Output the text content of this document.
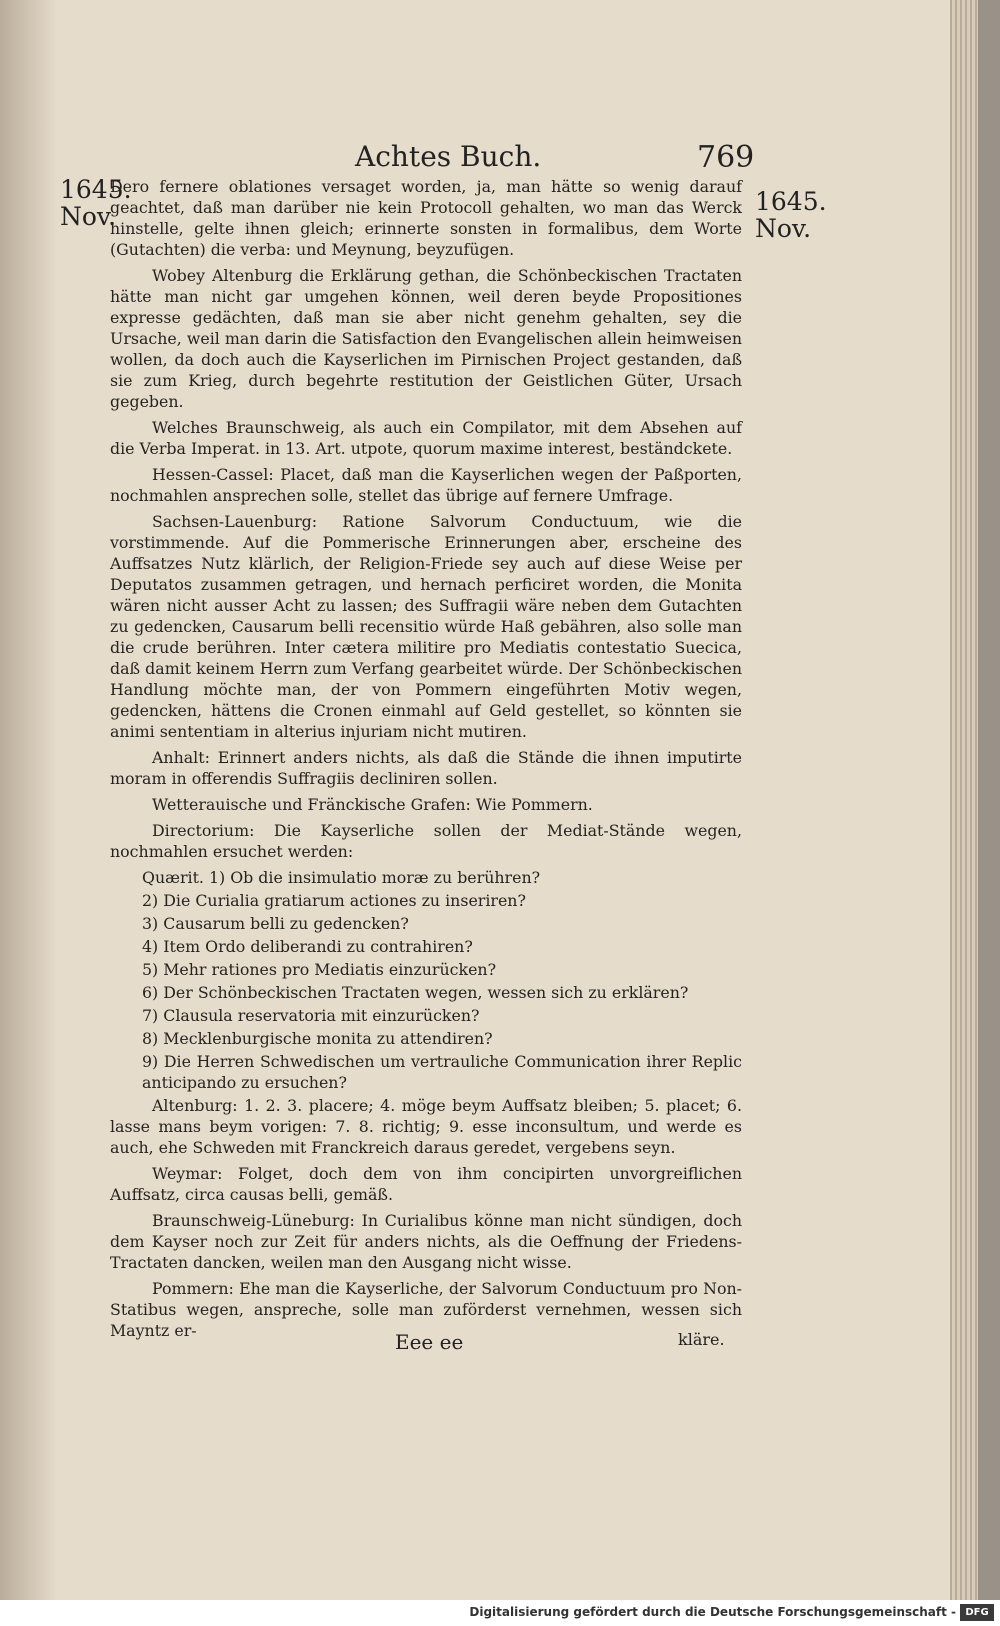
Achtes Buch.	769
1645.
Nov.
1645.
Nov.

Dero fernere oblationes versaget worden, ja, man hätte so wenig darauf geachtet, daß man darüber nie kein Protocoll gehalten, wo man das Werck hinstelle, gelte ihnen gleich; erinnerte sonsten in formalibus, dem Worte (Gutachten) die verba: und Meynung, beyzufügen.

Wobey Altenburg die Erklärung gethan, die Schönbeckischen Tractaten hätte man nicht gar umgehen können, weil deren beyde Propositiones expresse gedächten, daß man sie aber nicht genehm gehalten, sey die Ursache, weil man darin die Satisfaction den Evangelischen allein heimweisen wollen, da doch auch die Kayserlichen im Pirnischen Project gestanden, daß sie zum Krieg, durch begehrte restitution der Geistlichen Güter, Ursach gegeben.

Welches Braunschweig, als auch ein Compilator, mit dem Absehen auf die Verba Imperat. in 13. Art. utpote, quorum maxime interest, beständckete.

Hessen-Cassel: Placet, daß man die Kayserlichen wegen der Paßporten, nochmahlen ansprechen solle, stellet das übrige auf fernere Umfrage.

Sachsen-Lauenburg: Ratione Salvorum Conductuum, wie die vorstimmende. Auf die Pommerische Erinnerungen aber, erscheine des Auffsatzes Nutz klärlich, der Religion-Friede sey auch auf diese Weise per Deputatos zusammen getragen, und hernach perficiret worden, die Monita wären nicht ausser Acht zu lassen; des Suffragii wäre neben dem Gutachten zu gedencken, Causarum belli recensitio würde Haß gebähren, also solle man die crude berühren. Inter cætera militire pro Mediatis contestatio Suecica, daß damit keinem Herrn zum Verfang gearbeitet würde. Der Schönbeckischen Handlung möchte man, der von Pommern eingeführten Motiv wegen, gedencken, hättens die Cronen einmahl auf Geld gestellet, so könnten sie animi sententiam in alterius injuriam nicht mutiren.

Anhalt: Erinnert anders nichts, als daß die Stände die ihnen imputirte moram in offerendis Suffragiis decliniren sollen.

Wetterauische und Fränckische Grafen: Wie Pommern.

Directorium: Die Kayserliche sollen der Mediat-Stände wegen, nochmahlen ersuchet werden:

Quærit. 1) Ob die insimulatio moræ zu berühren?
2) Die Curialia gratiarum actiones zu inseriren?
3) Causarum belli zu gedencken?
4) Item Ordo deliberandi zu contrahiren?
5) Mehr rationes pro Mediatis einzurücken?
6) Der Schönbeckischen Tractaten wegen, wessen sich zu erklären?
7) Clausula reservatoria mit einzurücken?
8) Mecklenburgische monita zu attendiren?
9) Die Herren Schwedischen um vertrauliche Communication ihrer Replic anticipando zu ersuchen?

Altenburg: 1. 2. 3. placere; 4. möge beym Auffsatz bleiben; 5. placet; 6. lasse mans beym vorigen: 7. 8. richtig; 9. esse inconsultum, und werde es auch, ehe Schweden mit Franckreich daraus geredet, vergebens seyn.

Weymar: Folget, doch dem von ihm concipirten unvorgreiflichen Auffsatz, circa causas belli, gemäß.

Braunschweig-Lüneburg: In Curialibus könne man nicht sündigen, doch dem Kayser noch zur Zeit für anders nichts, als die Oeffnung der Friedens-Tractaten dancken, weilen man den Ausgang nicht wisse.

Pommern: Ehe man die Kayserliche, der Salvorum Conductuum pro Non-Statibus wegen, anspreche, solle man zuförderst vernehmen, wessen sich Mayntz er-	Eee ee	kläre.
Digitalisierung gefördert durch die Deutsche Forschungsgemeinschaft - DFG
